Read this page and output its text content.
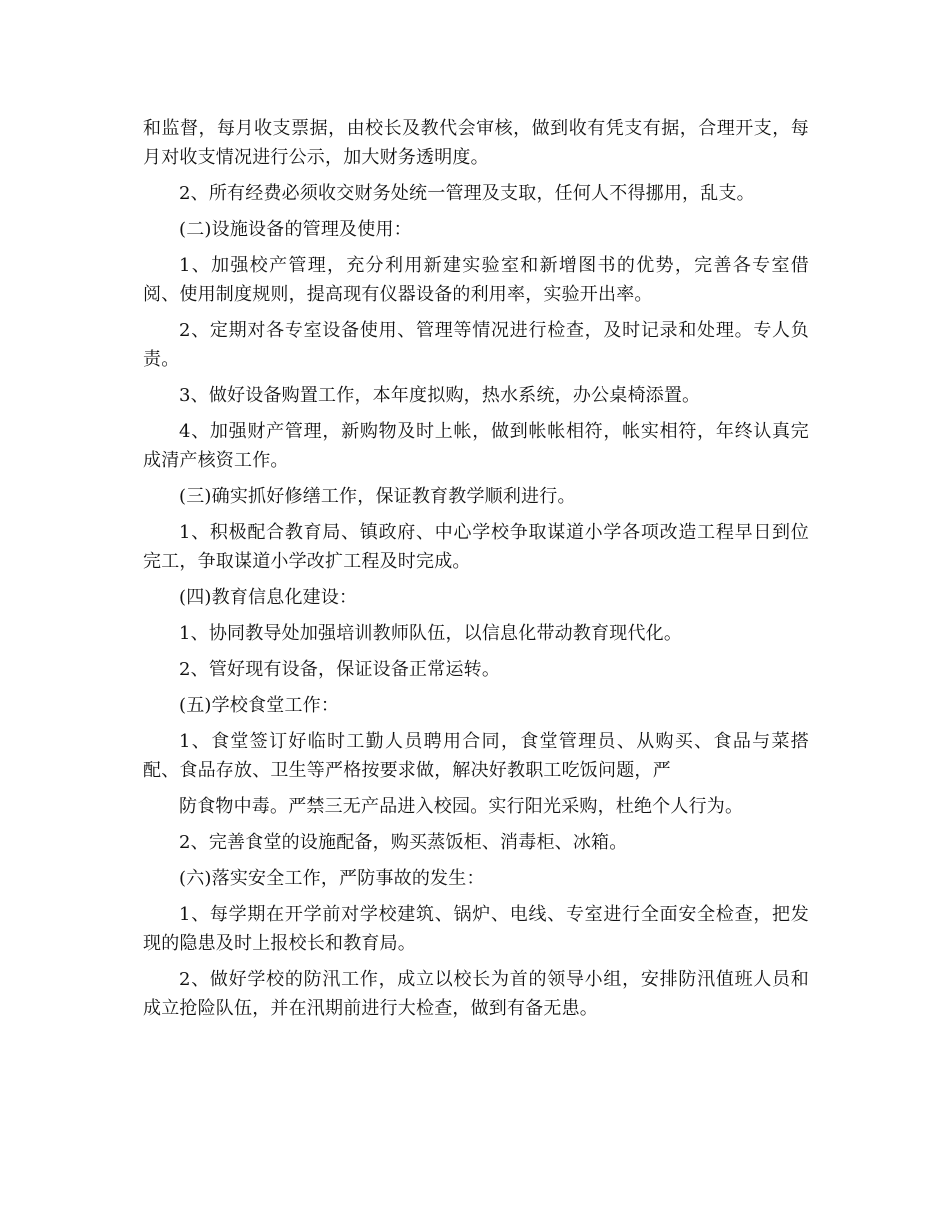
和监督，每月收支票据，由校长及教代会审核，做到收有凭支有据，合理开支，每月对收支情况进行公示，加大财务透明度。

2、所有经费必须收交财务处统一管理及支取，任何人不得挪用，乱支。

(二)设施设备的管理及使用：

1、加强校产管理，充分利用新建实验室和新增图书的优势，完善各专室借阅、使用制度规则，提高现有仪器设备的利用率，实验开出率。

2、定期对各专室设备使用、管理等情况进行检查，及时记录和处理。专人负责。

3、做好设备购置工作，本年度拟购，热水系统，办公桌椅添置。

4、加强财产管理，新购物及时上帐，做到帐帐相符，帐实相符，年终认真完成清产核资工作。

(三)确实抓好修缮工作，保证教育教学顺利进行。

1、积极配合教育局、镇政府、中心学校争取谋道小学各项改造工程早日到位完工，争取谋道小学改扩工程及时完成。

(四)教育信息化建设：

1、协同教导处加强培训教师队伍，以信息化带动教育现代化。

2、管好现有设备，保证设备正常运转。

(五)学校食堂工作：

1、食堂签订好临时工勤人员聘用合同，食堂管理员、从购买、食品与菜搭配、食品存放、卫生等严格按要求做，解决好教职工吃饭问题，严

防食物中毒。严禁三无产品进入校园。实行阳光采购，杜绝个人行为。

2、完善食堂的设施配备，购买蒸饭柜、消毒柜、冰箱。

(六)落实安全工作，严防事故的发生：

1、每学期在开学前对学校建筑、锅炉、电线、专室进行全面安全检查，把发现的隐患及时上报校长和教育局。

2、做好学校的防汛工作，成立以校长为首的领导小组，安排防汛值班人员和成立抢险队伍，并在汛期前进行大检查，做到有备无患。
